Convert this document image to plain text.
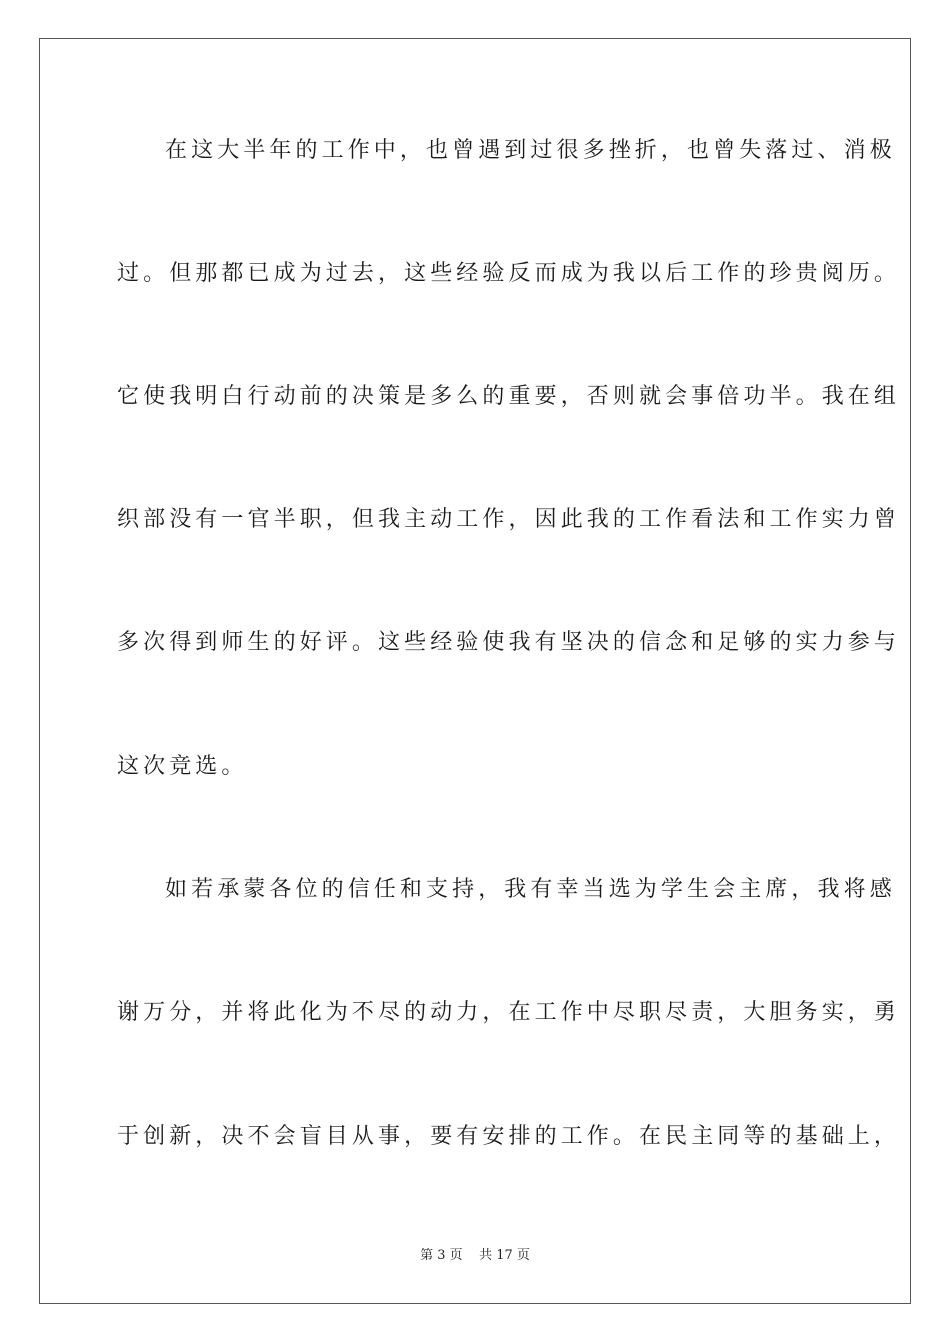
在这大半年的工作中，也曾遇到过很多挫折，也曾失落过、消极
过。但那都已成为过去，这些经验反而成为我以后工作的珍贵阅历。
它使我明白行动前的决策是多么的重要，否则就会事倍功半。我在组
织部没有一官半职，但我主动工作，因此我的工作看法和工作实力曾
多次得到师生的好评。这些经验使我有坚决的信念和足够的实力参与
这次竞选。
如若承蒙各位的信任和支持，我有幸当选为学生会主席，我将感
谢万分，并将此化为不尽的动力，在工作中尽职尽责，大胆务实，勇
于创新，决不会盲目从事，要有安排的工作。在民主同等的基础上，
第 3 页    共 17 页
